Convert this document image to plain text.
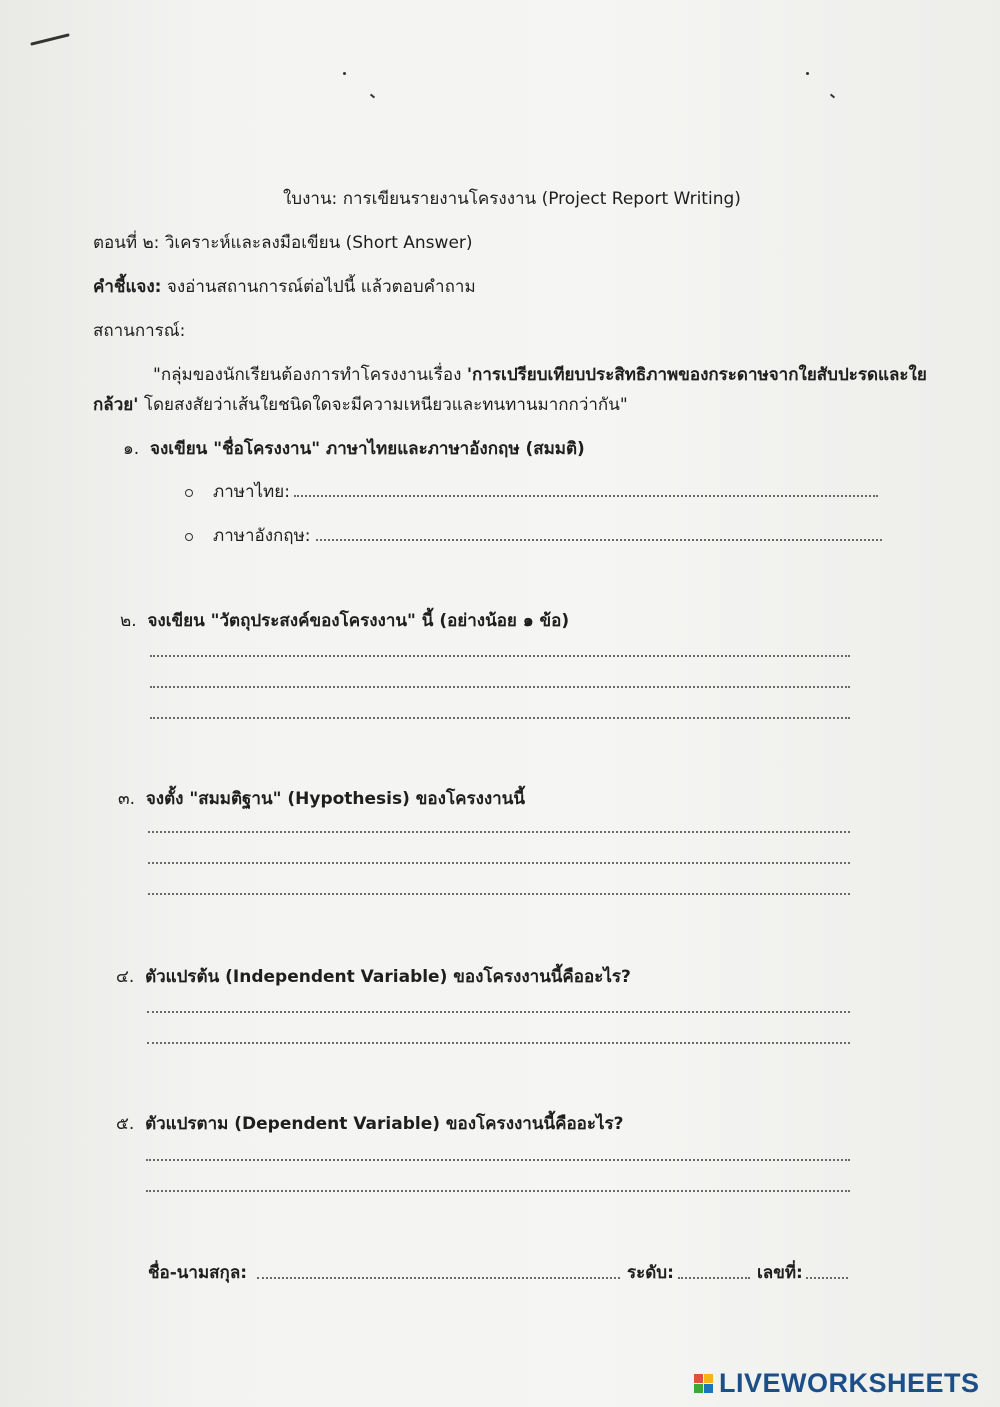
ใบงาน: การเขียนรายงานโครงงาน (Project Report Writing)
ตอนที่ ๒: วิเคราะห์และลงมือเขียน (Short Answer)
คำชี้แจง: จงอ่านสถานการณ์ต่อไปนี้ แล้วตอบคำถาม
สถานการณ์:
"กลุ่มของนักเรียนต้องการทำโครงงานเรื่อง 'การเปรียบเทียบประสิทธิภาพของกระดาษจากใยสับปะรดและใย
กล้วย' โดยสงสัยว่าเส้นใยชนิดใดจะมีความเหนียวและทนทานมากกว่ากัน"
๑. จงเขียน "ชื่อโครงงาน" ภาษาไทยและภาษาอังกฤษ (สมมติ)
ภาษาไทย:
ภาษาอังกฤษ:
๒. จงเขียน "วัตถุประสงค์ของโครงงาน" นี้ (อย่างน้อย ๑ ข้อ)
๓. จงตั้ง "สมมติฐาน" (Hypothesis) ของโครงงานนี้
๔. ตัวแปรต้น (Independent Variable) ของโครงงานนี้คืออะไร?
๕. ตัวแปรตาม (Dependent Variable) ของโครงงานนี้คืออะไร?
ชื่อ-นามสกุล:	ระดับ:	เลขที่:
LIVEWORKSHEETS
